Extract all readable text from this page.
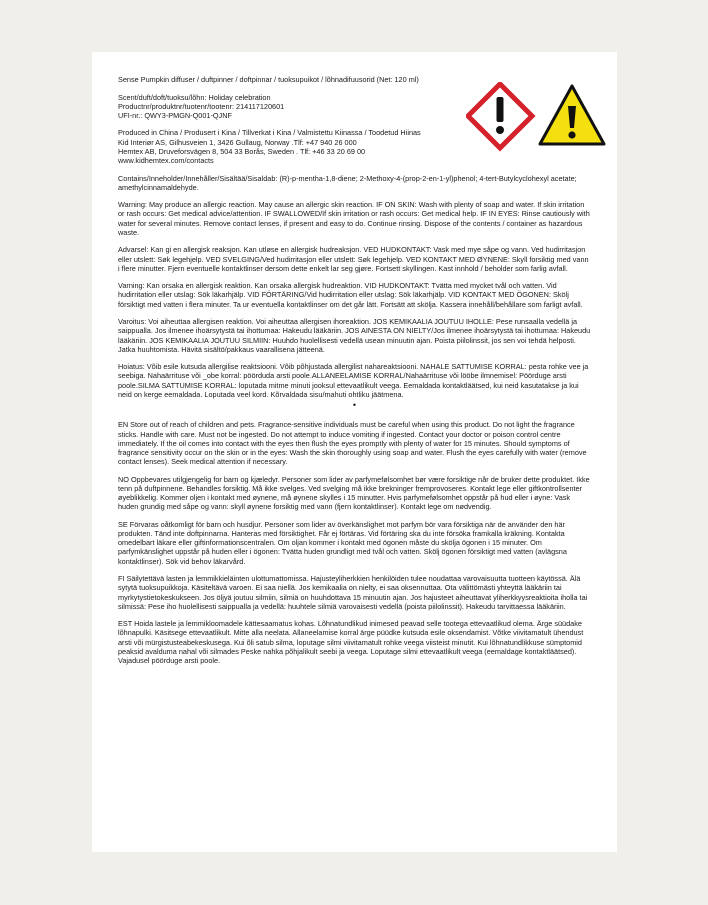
Sense Pumpkin diffuser / duftpinner / doftpinnar / tuoksupuikot / lõhnadifuusorid (Net: 120 ml)

Scent/duft/doft/tuoksu/lõhn: Holiday celebration
Productnr/produktnr/tuotenr/tootenr: 214117120601
UFI-nr.: QWY3-PMGN-Q001-QJNF

Produced in China / Produsert i Kina / Tillverkat i Kina / Valmistettu Kiinassa / Toodetud Hiinas
Kid Interiør AS, Gilhusveien 1, 3426 Gullaug, Norway .Tlf: +47 940 26 000
Hemtex AB, Druveforsvägen 8, 504 33 Borås, Sweden . Tlf: +46 33 20 69 00
www.kidhemtex.com/contacts

Contains/Inneholder/Innehåller/Sisältää/Sisaldab: (R)-p-mentha-1,8-diene; 2-Methoxy-4-(prop-2-en-1-yl)phenol; 4-tert-Butylcyclohexyl acetate; amethylcinnamaldehyde.

Warning: May produce an allergic reaction. May cause an allergic skin reaction. IF ON SKIN: Wash with plenty of soap and water. If skin irritation or rash occurs: Get medical advice/attention. IF SWALLOWED/If skin irritation or rash occurs: Get medical help. IF IN EYES: Rinse cautiously with water for several minutes. Remove contact lenses, if present and easy to do. Continue rinsing. Dispose of the contents / container as hazardous waste.

Advarsel: Kan gi en allergisk reaksjon. Kan utløse en allergisk hudreaksjon. VED HUDKONTAKT: Vask med mye såpe og vann. Ved hudirritasjon eller utslett: Søk legehjelp. VED SVELGING/Ved hudirritasjon eller utslett: Søk legehjelp. VED KONTAKT MED ØYNENE: Skyll forsiktig med vann i flere minutter. Fjern eventuelle kontaktlinser dersom dette enkelt lar seg gjøre. Fortsett skyllingen. Kast innhold / beholder som farlig avfall.

Varning: Kan orsaka en allergisk reaktion. Kan orsaka allergisk hudreaktion. VID HUDKONTAKT: Tvätta med mycket tvål och vatten. Vid hudirritation eller utslag: Sök läkarhjälp. VID FÖRTÄRING/Vid hudirritation eller utslag: Sök läkarhjälp. VID KONTAKT MED ÖGONEN: Skölj försiktigt med vatten i flera minuter. Ta ur eventuella kontaktlinser om det går lätt. Fortsätt att skölja. Kassera innehåll/behållare som farligt avfall.

Varoitus: Voi aiheuttaa allergisen reaktion. Voi aiheuttaa allergisen ihoreaktion. JOS KEMIKAALIA JOUTUU IHOLLE: Pese runsaalla vedellä ja saippualla. Jos ilmenee ihoärsytystä tai ihottumaa: Hakeudu lääkäriin. JOS AINESTA ON NIELTY/Jos ilmenee ihoärsytystä tai ihottumaa: Hakeudu lääkäriin. JOS KEMIKAALIA JOUTUU SILMIIN: Huuhdo huolellisesti vedellä usean minuutin ajan. Poista piilolinssit, jos sen voi tehdä helposti. Jatka huuhtomista. Hävitä sisältö/pakkaus vaarallisena jätteenä.

Hoiatus: Võib esile kutsuda allergilise reaktsiooni. Võib põhjustada allergilist nahareaktsiooni. NAHALE SATTUMISE KORRAL: pesta rohke vee ja seebiga. Nahaärrituse või _obe korral: pöörduda arsti poole.ALLANEELAMISE KORRAL/Nahaärrituse või lööbe ilmnemisel: Pöörduge arsti poole.SILMA SATTUMISE KORRAL: loputada mitme minuti jooksul ettevaatlikult veega. Eemaldada kontaktläätsed, kui neid kasutatakse ja kui neid on kerge eemaldada. Loputada veel kord. Kõrvaldada sisu/mahuti ohtliku jäätmena.

•

EN Store out of reach of children and pets. Fragrance-sensitive individuals must be careful when using this product. Do not light the fragrance sticks. Handle with care. Must not be ingested. Do not attempt to induce vomiting if ingested. Contact your doctor or poison control centre immediately. If the oil comes into contact with the eyes then flush the eyes promptly with plenty of water for 15 minutes. Should symptoms of fragrance sensitivity occur on the skin or in the eyes: Wash the skin thoroughly using soap and water. Flush the eyes carefully with water (remove contact lenses). Seek medical attention if necessary.

NO Oppbevares utilgjengelig for barn og kjæledyr. Personer som lider av parfymefølsomhet bør være forsiktige når de bruker dette produktet. Ikke tenn på duftpinnene. Behandles forsiktig. Må ikke svelges. Ved svelging må ikke brekninger fremprovoseres. Kontakt lege eller giftkontrollsenter øyeblikkelig. Kommer oljen i kontakt med øynene, må øynene skylles i 15 minutter. Hvis parfymefølsomhet oppstår på hud eller i øyne: Vask huden grundig med såpe og vann: skyll øynene forsiktig med vann (fjern kontaktlinser). Kontakt lege om nødvendig.

SE Förvaras oåtkomligt för barn och husdjur. Personer som lider av överkänslighet mot parfym bör vara försiktiga när de använder den här produkten. Tänd inte doftpinnarna. Hanteras med försiktighet. Får ej förtäras. Vid förtäring ska du inte försöka framkalla kräkning. Kontakta omedelbart läkare eller giftinformationscentralen. Om oljan kommer i kontakt med ögonen måste du skölja ögonen i 15 minuter. Om parfymkänslighet uppstår på huden eller i ögonen: Tvätta huden grundligt med tvål och vatten. Skölj ögonen försiktigt med vatten (avlägsna kontaktlinser). Sök vid behov läkarvård.

FI Säilytettävä lasten ja lemmikkieläinten ulottumattomissa. Hajusteyliherkkien henkilöiden tulee noudattaa varovaisuutta tuotteen käytössä. Älä sytytä tuoksupuikkoja. Käsiteltävä varoen. Ei saa niellä. Jos kemikaalia on nielty, ei saa oksennuttaa. Ota välittömästi yhteyttä lääkäriin tai myrkytystietokeskukseen. Jos öljyä joutuu silmiin, silmiä on huuhdottava 15 minuutin ajan. Jos hajusteet aiheuttavat yliherkkyysreaktioita iholla tai silmissä: Pese iho huolellisesti saippualla ja vedellä: huuhtele silmiä varovaisesti vedellä (poista piilolinssit). Hakeudu tarvittaessa lääkäriin.

EST Hoida lastele ja lemmikloomadele kättesaamatus kohas. Lõhnatundlikud inimesed peavad selle tootega ettevaatlikud olema. Ärge süüdake lõhnapulki. Käsitsege ettevaatlikult. Mitte alla neelata. Allaneelamise korral ärge püüdke kutsuda esile oksendamist. Võtke viivitamatult ühendust arsti või mürgistusteabekeskusega. Kui õli satub silma, loputage silmi viivitamatult rohke veega viisteist minutit. Kui lõhnatundlikkuse sümptomid peaksid avalduma nahal või silmades Peske nahka põhjalikult seebi ja veega. Loputage silmi ettevaatlikult veega (eemaldage kontaktläätsed). Vajadusel pöörduge arsti poole.
